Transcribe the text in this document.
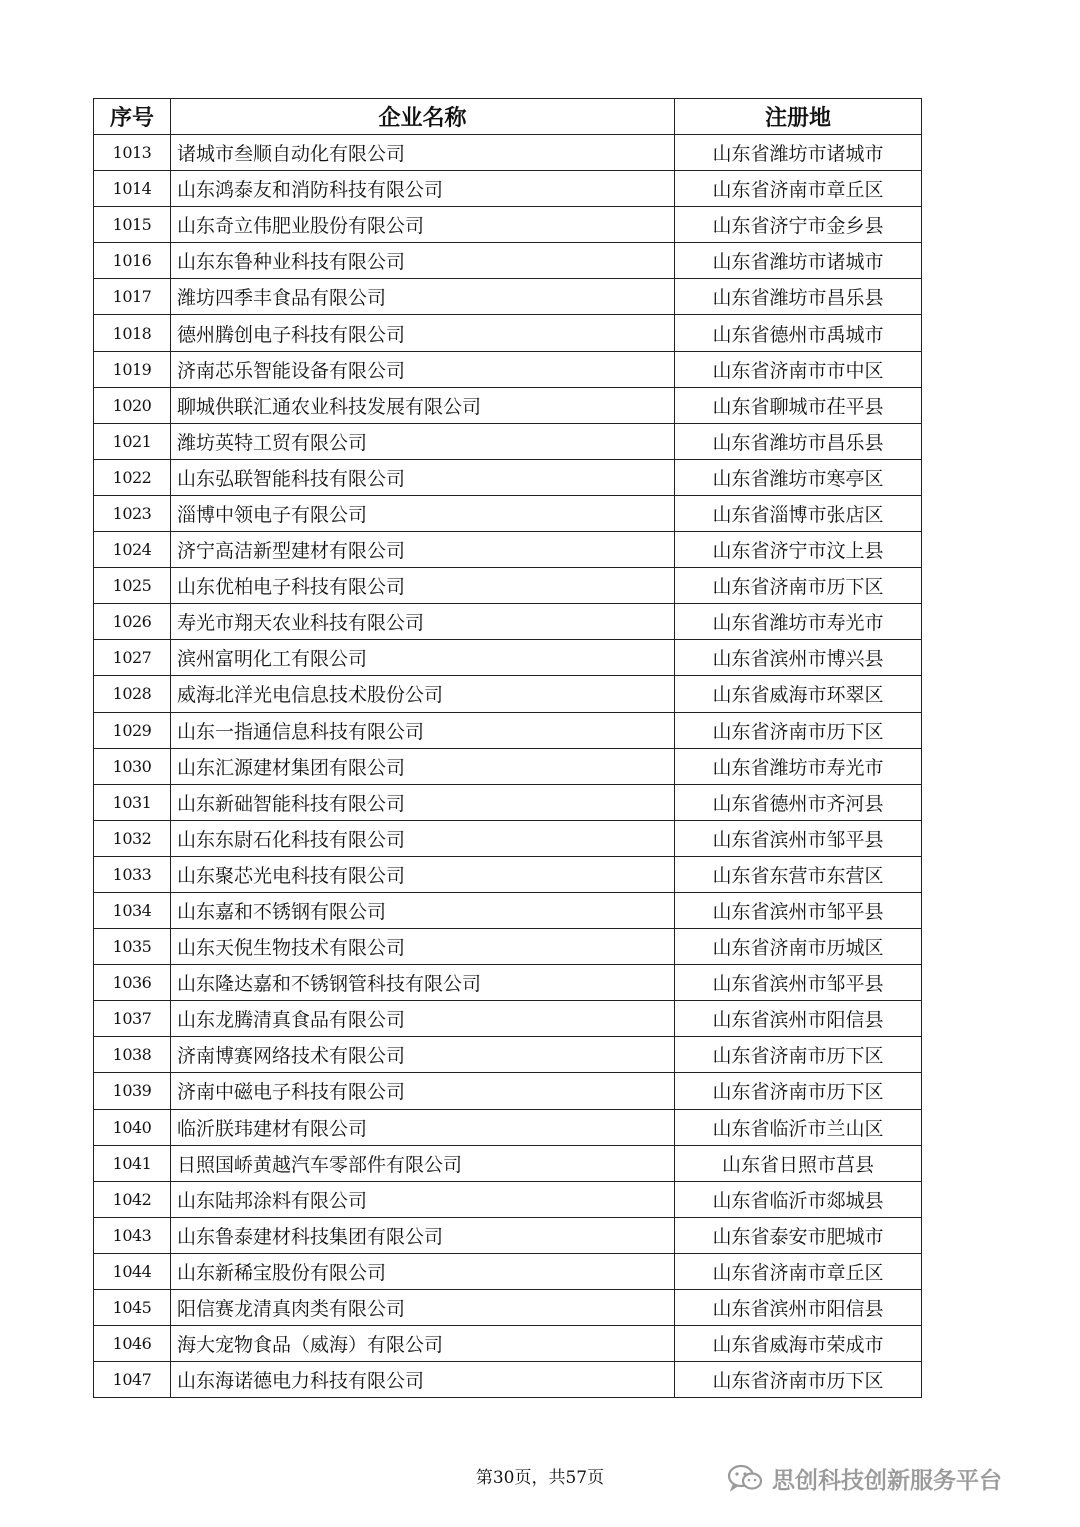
序号	企业名称	注册地
1013	诸城市叁顺自动化有限公司	山东省潍坊市诸城市
1014	山东鸿泰友和消防科技有限公司	山东省济南市章丘区
1015	山东奇立伟肥业股份有限公司	山东省济宁市金乡县
1016	山东东鲁种业科技有限公司	山东省潍坊市诸城市
1017	潍坊四季丰食品有限公司	山东省潍坊市昌乐县
1018	德州腾创电子科技有限公司	山东省德州市禹城市
1019	济南芯乐智能设备有限公司	山东省济南市市中区
1020	聊城供联汇通农业科技发展有限公司	山东省聊城市茌平县
1021	潍坊英特工贸有限公司	山东省潍坊市昌乐县
1022	山东弘联智能科技有限公司	山东省潍坊市寒亭区
1023	淄博中领电子有限公司	山东省淄博市张店区
1024	济宁高洁新型建材有限公司	山东省济宁市汶上县
1025	山东优柏电子科技有限公司	山东省济南市历下区
1026	寿光市翔天农业科技有限公司	山东省潍坊市寿光市
1027	滨州富明化工有限公司	山东省滨州市博兴县
1028	威海北洋光电信息技术股份公司	山东省威海市环翠区
1029	山东一指通信息科技有限公司	山东省济南市历下区
1030	山东汇源建材集团有限公司	山东省潍坊市寿光市
1031	山东新础智能科技有限公司	山东省德州市齐河县
1032	山东东尉石化科技有限公司	山东省滨州市邹平县
1033	山东聚芯光电科技有限公司	山东省东营市东营区
1034	山东嘉和不锈钢有限公司	山东省滨州市邹平县
1035	山东天倪生物技术有限公司	山东省济南市历城区
1036	山东隆达嘉和不锈钢管科技有限公司	山东省滨州市邹平县
1037	山东龙腾清真食品有限公司	山东省滨州市阳信县
1038	济南博赛网络技术有限公司	山东省济南市历下区
1039	济南中磁电子科技有限公司	山东省济南市历下区
1040	临沂朕玮建材有限公司	山东省临沂市兰山区
1041	日照国峤黄越汽车零部件有限公司	山东省日照市莒县
1042	山东陆邦涂料有限公司	山东省临沂市郯城县
1043	山东鲁泰建材科技集团有限公司	山东省泰安市肥城市
1044	山东新稀宝股份有限公司	山东省济南市章丘区
1045	阳信赛龙清真肉类有限公司	山东省滨州市阳信县
1046	海大宠物食品（威海）有限公司	山东省威海市荣成市
1047	山东海诺德电力科技有限公司	山东省济南市历下区
第30页，共57页	思创科技创新服务平台
